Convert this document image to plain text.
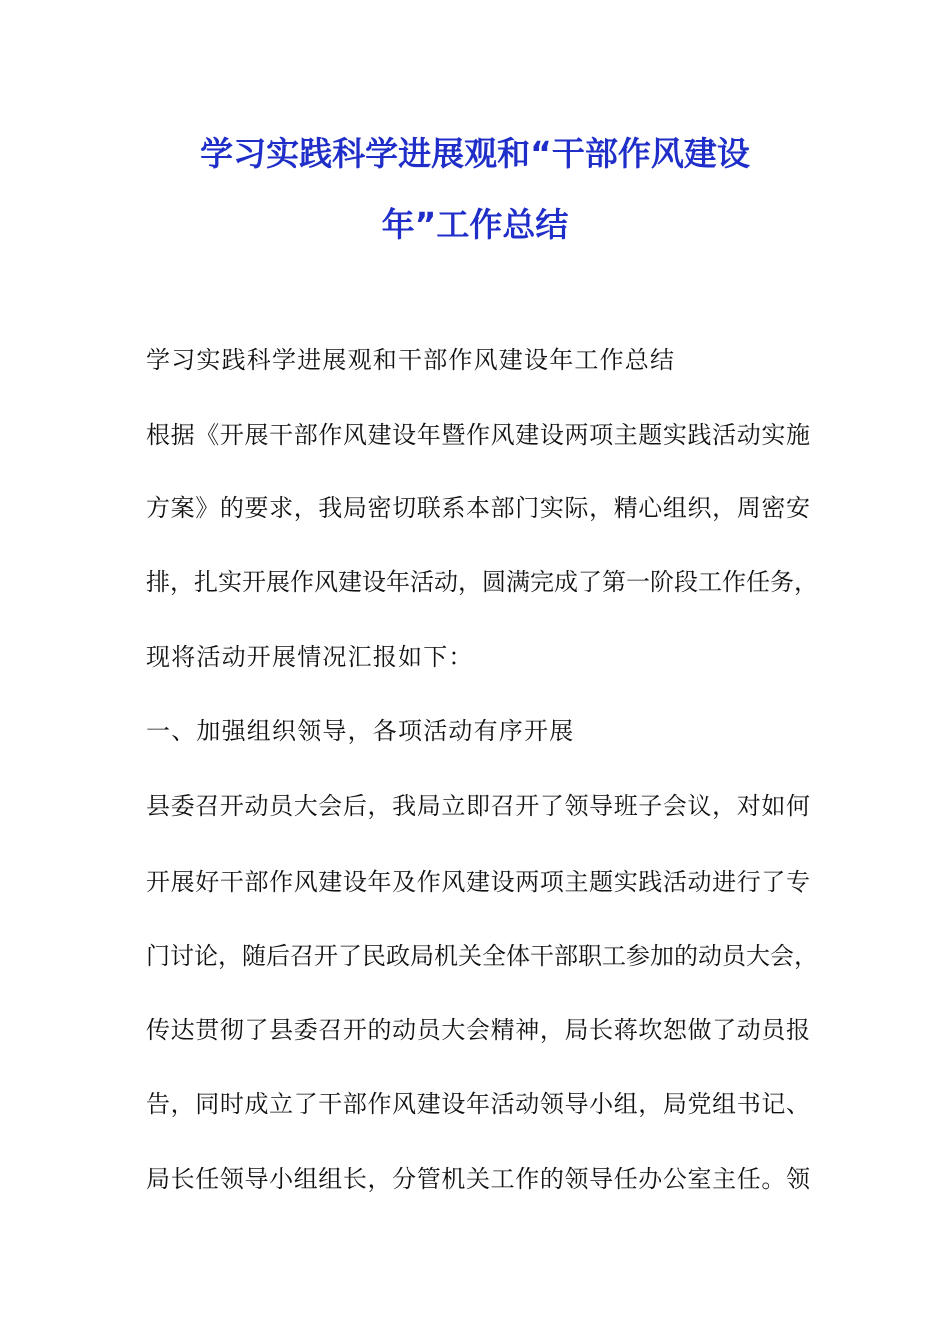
学习实践科学进展观和“干部作风建设
年”工作总结
学习实践科学进展观和干部作风建设年工作总结
根据《开展干部作风建设年暨作风建设两项主题实践活动实施
方案》的要求，我局密切联系本部门实际，精心组织，周密安
排，扎实开展作风建设年活动，圆满完成了第一阶段工作任务，
现将活动开展情况汇报如下：
一、加强组织领导，各项活动有序开展
县委召开动员大会后，我局立即召开了领导班子会议，对如何
开展好干部作风建设年及作风建设两项主题实践活动进行了专
门讨论，随后召开了民政局机关全体干部职工参加的动员大会，
传达贯彻了县委召开的动员大会精神，局长蒋坎恕做了动员报
告，同时成立了干部作风建设年活动领导小组，局党组书记、
局长任领导小组组长，分管机关工作的领导任办公室主任。领
